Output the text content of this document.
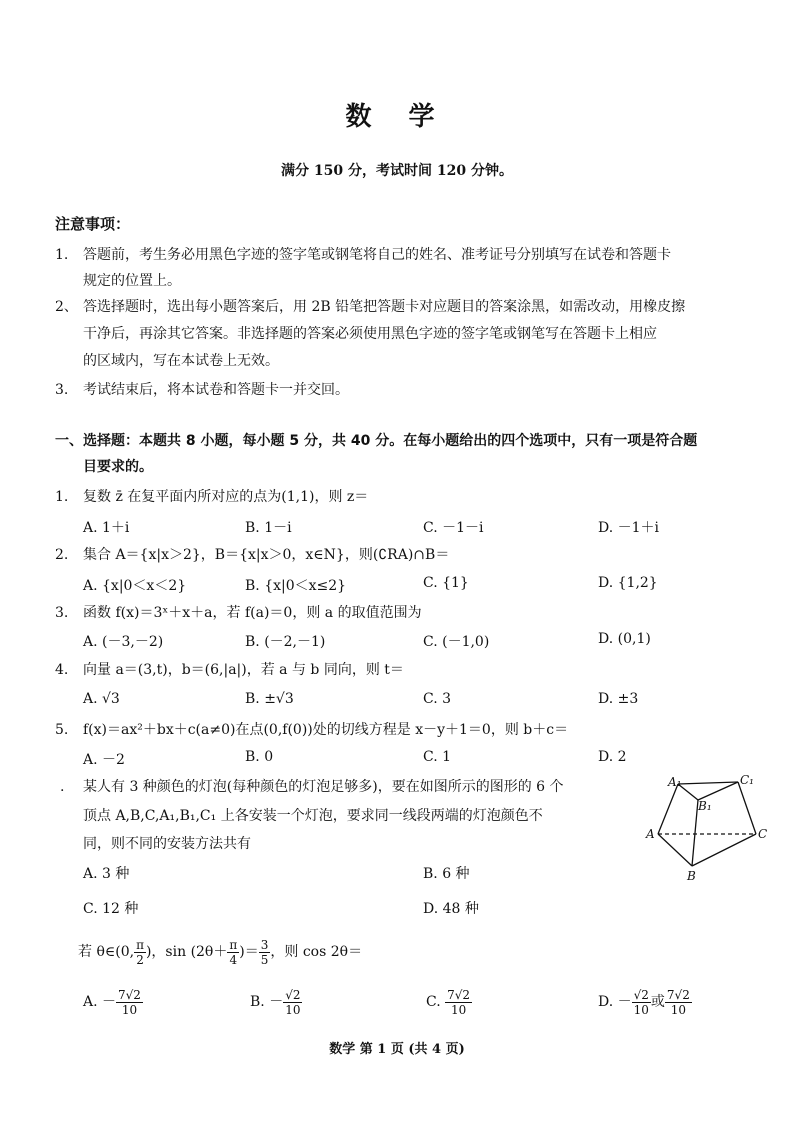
数 学
满分 150 分，考试时间 120 分钟。
注意事项：
1. 答题前，考生务必用黑色字迹的签字笔或钢笔将自己的姓名、准考证号分别填写在试卷和答题卡
规定的位置上。
2、 答选择题时，选出每小题答案后，用 2B 铅笔把答题卡对应题目的答案涂黑，如需改动，用橡皮擦
干净后，再涂其它答案。非选择题的答案必须使用黑色字迹的签字笔或钢笔写在答题卡上相应
的区域内，写在本试卷上无效。
3. 考试结束后，将本试卷和答题卡一并交回。
一、选择题：本题共 8 小题，每小题 5 分，共 40 分。在每小题给出的四个选项中，只有一项是符合题
目要求的。
1. 复数 z̄ 在复平面内所对应的点为(1,1)，则 z＝
A. 1＋i	B. 1－i	C. －1－i	D. －1＋i
2. 集合 A＝{x|x＞2}，B＝{x|x＞0，x∈N}，则(∁RA)∩B＝
A. {x|0＜x＜2}	B. {x|0＜x≤2}	C. {1}	D. {1,2}
3. 函数 f(x)＝3ˣ＋x＋a，若 f(a)＝0，则 a 的取值范围为
A. (－3,－2)	B. (－2,－1)	C. (－1,0)	D. (0,1)
4. 向量 a＝(3,t)，b＝(6,|a|)，若 a 与 b 同向，则 t＝
A. √3	B. ±√3	C. 3	D. ±3
5. f(x)＝ax²＋bx＋c(a≠0)在点(0,f(0))处的切线方程是 x－y＋1＝0，则 b＋c＝
A. －2	B. 0	C. 1	D. 2
. 某人有 3 种颜色的灯泡(每种颜色的灯泡足够多)，要在如图所示的图形的 6 个
顶点 A,B,C,A₁,B₁,C₁ 上各安装一个灯泡，要求同一线段两端的灯泡颜色不
同，则不同的安装方法共有
A. 3 种	B. 6 种
C. 12 种	D. 48 种
A₁	C₁
B₁
A	C
B
若 θ∈(0, $\frac{\pi}{2}$ )，$\sin (2\theta+ \frac{\pi}{4}$ )＝ $\frac{3}{5}$ ，则 cos 2θ＝
A. － $\frac{7√2}{10}$	B. － $\frac{√2}{10}$	C. $\frac{7√2}{10}$	D. － $\frac{√2}{10}$ 或 $\frac{7√2}{10}$
数学 第 1 页 (共 4 页)
